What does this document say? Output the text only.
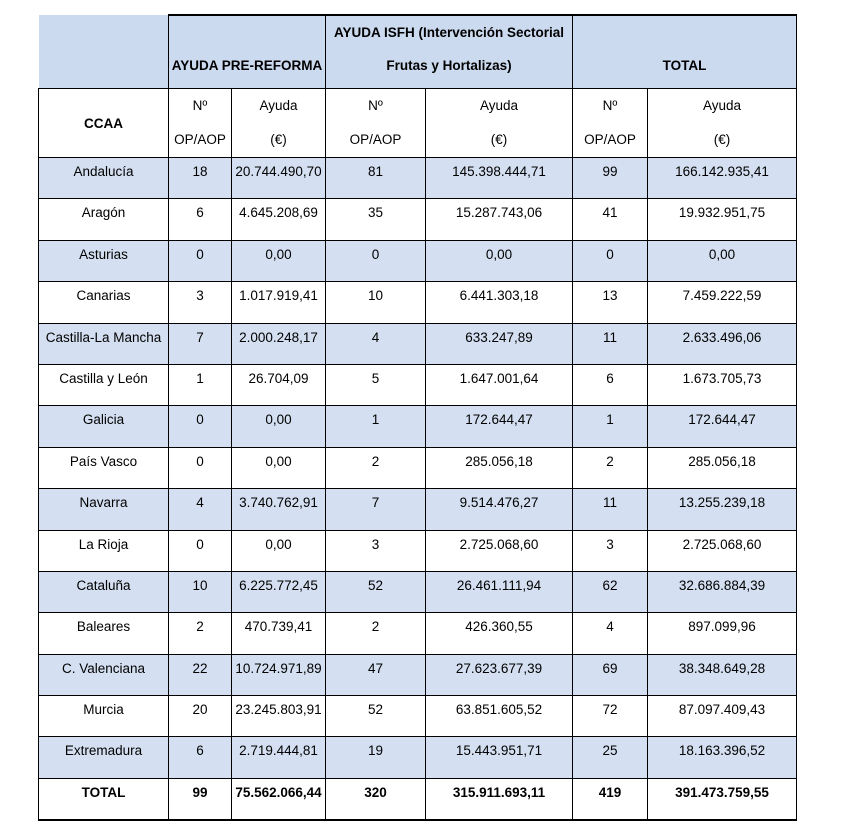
	AYUDA PRE-REFORMA		AYUDA ISFH (Intervención Sectorial
Frutas y Hortalizas)		TOTAL	

CCAA	
Nº
OP/AOP

Ayuda
(€)

Nº
OP/AOP

Ayuda
(€)

Nº
OP/AOP

Ayuda
(€)

Andalucía	18	20.744.490,70	81	145.398.444,71	99	166.142.935,41
Aragón	6	4.645.208,69	35	15.287.743,06	41	19.932.951,75
Asturias	0	0,00	0	0,00	0	0,00
Canarias	3	1.017.919,41	10	6.441.303,18	13	7.459.222,59
Castilla-La Mancha	7	2.000.248,17	4	633.247,89	11	2.633.496,06
Castilla y León	1	26.704,09	5	1.647.001,64	6	1.673.705,73
Galicia	0	0,00	1	172.644,47	1	172.644,47
País Vasco	0	0,00	2	285.056,18	2	285.056,18
Navarra	4	3.740.762,91	7	9.514.476,27	11	13.255.239,18
La Rioja	0	0,00	3	2.725.068,60	3	2.725.068,60
Cataluña	10	6.225.772,45	52	26.461.111,94	62	32.686.884,39
Baleares	2	470.739,41	2	426.360,55	4	897.099,96
C. Valenciana	22	10.724.971,89	47	27.623.677,39	69	38.348.649,28
Murcia	20	23.245.803,91	52	63.851.605,52	72	87.097.409,43
Extremadura	6	2.719.444,81	19	15.443.951,71	25	18.163.396,52
TOTAL	99	75.562.066,44	320	315.911.693,11	419	391.473.759,55
